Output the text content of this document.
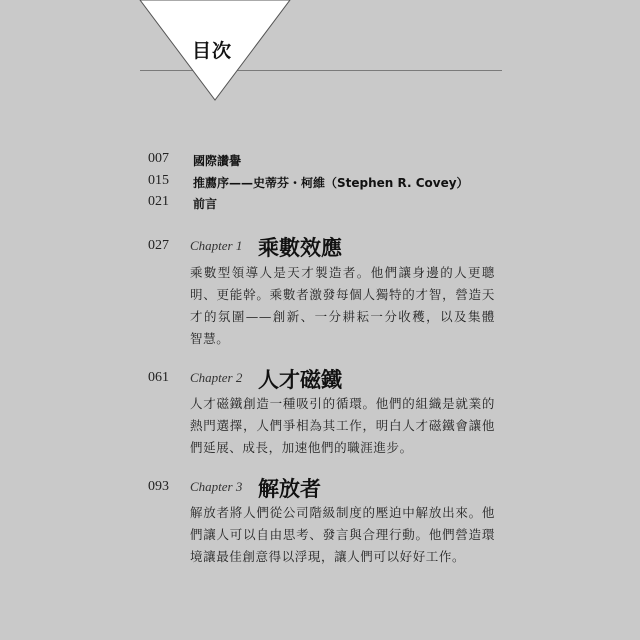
目次
007 國際讚譽
015 推薦序——史蒂芬・柯維（Stephen R. Covey）
021 前言
027 Chapter 1 乘數效應
乘數型領導人是天才製造者。他們讓身邊的人更聰
明、更能幹。乘數者激發每個人獨特的才智，營造天
才的氛圍——創新、一分耕耘一分收穫，以及集體
智慧。
061 Chapter 2 人才磁鐵
人才磁鐵創造一種吸引的循環。他們的組織是就業的
熱門選擇，人們爭相為其工作，明白人才磁鐵會讓他
們延展、成長，加速他們的職涯進步。
093 Chapter 3 解放者
解放者將人們從公司階級制度的壓迫中解放出來。他
們讓人可以自由思考、發言與合理行動。他們營造環
境讓最佳創意得以浮現，讓人們可以好好工作。
